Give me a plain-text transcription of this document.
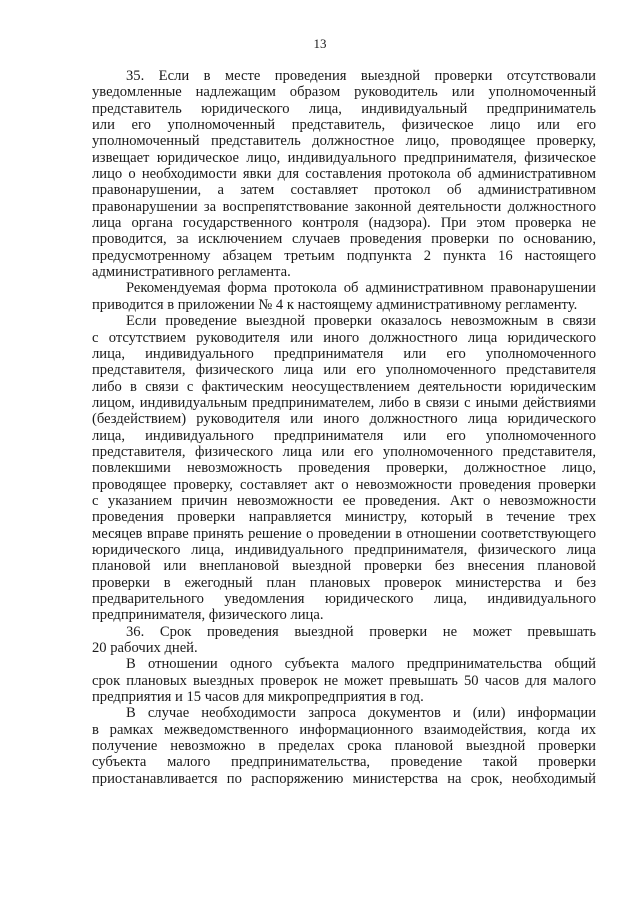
13
35. Если в месте проведения выездной проверки отсутствовали
уведомленные надлежащим образом руководитель или уполномоченный
представитель юридического лица, индивидуальный предприниматель
или его уполномоченный представитель, физическое лицо или его
уполномоченный представитель должностное лицо, проводящее проверку,
извещает юридическое лицо, индивидуального предпринимателя, физическое
лицо о необходимости явки для составления протокола об административном
правонарушении, а затем составляет протокол об административном
правонарушении за воспрепятствование законной деятельности должностного
лица органа государственного контроля (надзора). При этом проверка не
проводится, за исключением случаев проведения проверки по основанию,
предусмотренному абзацем третьим подпункта 2 пункта 16 настоящего
административного регламента.
Рекомендуемая форма протокола об административном правонарушении
приводится в приложении № 4 к настоящему административному регламенту.
Если проведение выездной проверки оказалось невозможным в связи
с отсутствием руководителя или иного должностного лица юридического
лица, индивидуального предпринимателя или его уполномоченного
представителя, физического лица или его уполномоченного представителя
либо в связи с фактическим неосуществлением деятельности юридическим
лицом, индивидуальным предпринимателем, либо в связи с иными действиями
(бездействием) руководителя или иного должностного лица юридического
лица, индивидуального предпринимателя или его уполномоченного
представителя, физического лица или его уполномоченного представителя,
повлекшими невозможность проведения проверки, должностное лицо,
проводящее проверку, составляет акт о невозможности проведения проверки
с указанием причин невозможности ее проведения. Акт о невозможности
проведения проверки направляется министру, который в течение трех
месяцев вправе принять решение о проведении в отношении соответствующего
юридического лица, индивидуального предпринимателя, физического лица
плановой или внеплановой выездной проверки без внесения плановой
проверки в ежегодный план плановых проверок министерства и без
предварительного уведомления юридического лица, индивидуального
предпринимателя, физического лица.
36. Срок проведения выездной проверки не может превышать
20 рабочих дней.
В отношении одного субъекта малого предпринимательства общий
срок плановых выездных проверок не может превышать 50 часов для малого
предприятия и 15 часов для микропредприятия в год.
В случае необходимости запроса документов и (или) информации
в рамках межведомственного информационного взаимодействия, когда их
получение невозможно в пределах срока плановой выездной проверки
субъекта малого предпринимательства, проведение такой проверки
приостанавливается по распоряжению министерства на срок, необходимый
